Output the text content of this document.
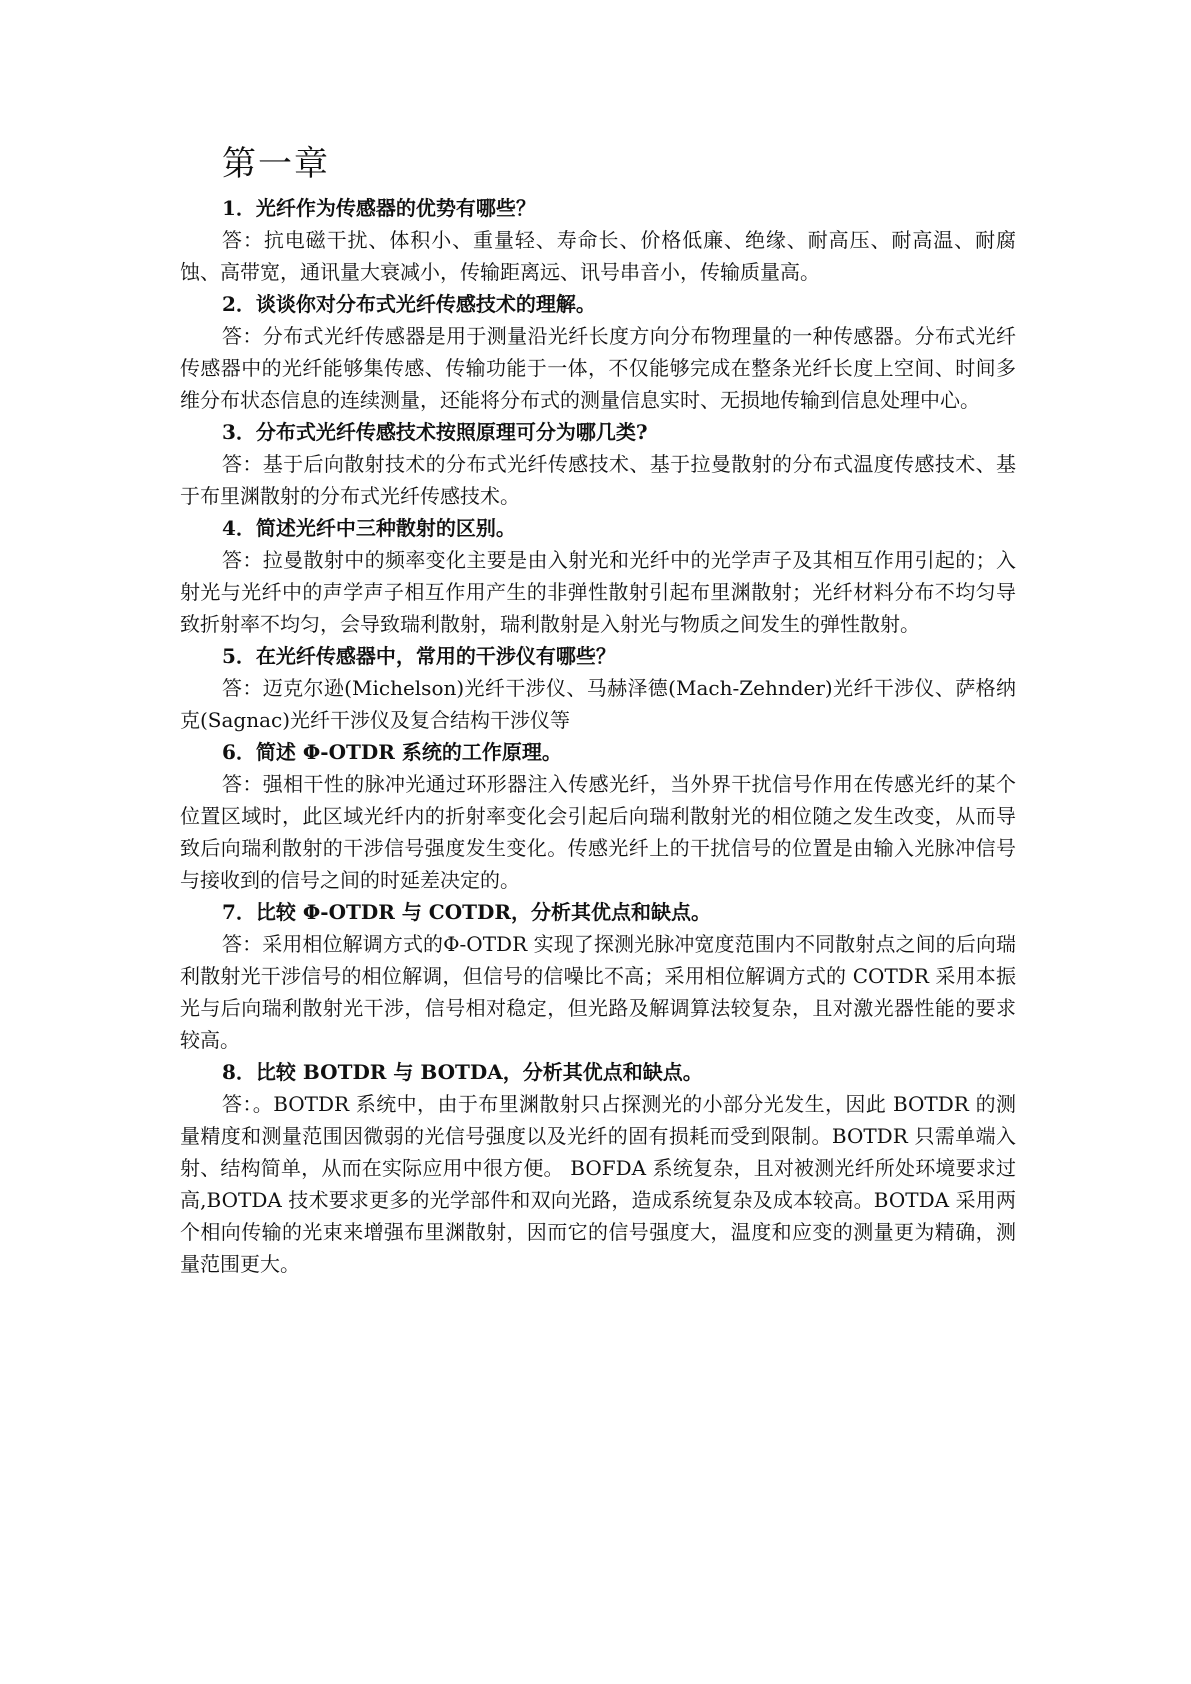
第一章

1．光纤作为传感器的优势有哪些？

答：抗电磁干扰、体积小、重量轻、寿命长、价格低廉、绝缘、耐高压、耐高温、耐腐蚀、高带宽，通讯量大衰减小，传输距离远、讯号串音小，传输质量高。

2．谈谈你对分布式光纤传感技术的理解。

答：分布式光纤传感器是用于测量沿光纤长度方向分布物理量的一种传感器。分布式光纤传感器中的光纤能够集传感、传输功能于一体，不仅能够完成在整条光纤长度上空间、时间多维分布状态信息的连续测量，还能将分布式的测量信息实时、无损地传输到信息处理中心。

3．分布式光纤传感技术按照原理可分为哪几类?

答：基于后向散射技术的分布式光纤传感技术、基于拉曼散射的分布式温度传感技术、基于布里渊散射的分布式光纤传感技术。

4．简述光纤中三种散射的区别。

答：拉曼散射中的频率变化主要是由入射光和光纤中的光学声子及其相互作用引起的；入射光与光纤中的声学声子相互作用产生的非弹性散射引起布里渊散射；光纤材料分布不均匀导致折射率不均匀，会导致瑞利散射，瑞利散射是入射光与物质之间发生的弹性散射。

5．在光纤传感器中，常用的干涉仪有哪些？

答：迈克尔逊(Michelson)光纤干涉仪、马赫泽德(Mach-Zehnder)光纤干涉仪、萨格纳克(Sagnac)光纤干涉仪及复合结构干涉仪等

6．简述 Φ-OTDR 系统的工作原理。

答：强相干性的脉冲光通过环形器注入传感光纤，当外界干扰信号作用在传感光纤的某个位置区域时，此区域光纤内的折射率变化会引起后向瑞利散射光的相位随之发生改变，从而导致后向瑞利散射的干涉信号强度发生变化。传感光纤上的干扰信号的位置是由输入光脉冲信号与接收到的信号之间的时延差决定的。

7．比较 Φ-OTDR 与 COTDR，分析其优点和缺点。

答：采用相位解调方式的Φ-OTDR 实现了探测光脉冲宽度范围内不同散射点之间的后向瑞利散射光干涉信号的相位解调，但信号的信噪比不高；采用相位解调方式的 COTDR 采用本振光与后向瑞利散射光干涉，信号相对稳定，但光路及解调算法较复杂，且对激光器性能的要求较高。

8．比较 BOTDR 与 BOTDA，分析其优点和缺点。

答：。BOTDR 系统中，由于布里渊散射只占探测光的小部分光发生，因此 BOTDR 的测量精度和测量范围因微弱的光信号强度以及光纤的固有损耗而受到限制。BOTDR 只需单端入射、结构简单，从而在实际应用中很方便。 BOFDA 系统复杂，且对被测光纤所处环境要求过高,BOTDA 技术要求更多的光学部件和双向光路，造成系统复杂及成本较高。BOTDA 采用两个相向传输的光束来增强布里渊散射，因而它的信号强度大，温度和应变的测量更为精确，测量范围更大。
